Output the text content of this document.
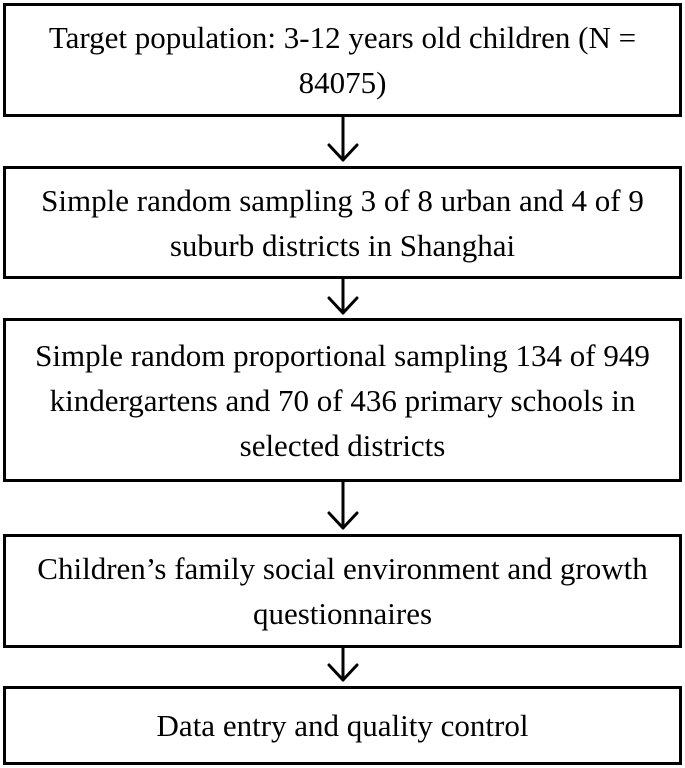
Target population: 3-12 years old children (N = 84075)
Simple random sampling 3 of 8 urban and 4 of 9 suburb districts in Shanghai
Simple random proportional sampling 134 of 949 kindergartens and 70 of 436 primary schools in selected districts
Children’s family social environment and growth questionnaires
Data entry and quality control
